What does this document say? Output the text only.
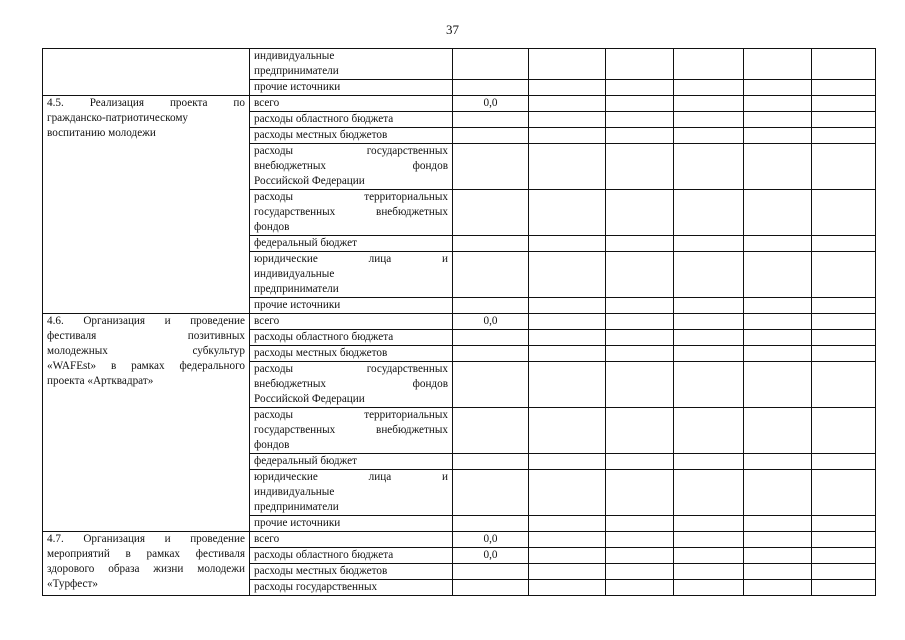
37

	индивидуальные
предприниматели						

	прочие источники						

4.5. Реализация проекта по
гражданско-патриотическому
воспитанию молодежи	всего	0,0					

	расходы областного бюджета						

	расходы местных бюджетов						

	расходы государственных
внебюджетных фондов
Российской Федерации						

	расходы территориальных
государственных внебюджетных
фондов						

	федеральный бюджет						

	юридические лица и
индивидуальные
предприниматели						

	прочие источники						

4.6. Организация и проведение
фестиваля позитивных
молодежных субкультур
«WAFEst» в рамках федерального
проекта «Артквадрат»	всего	0,0					

	расходы областного бюджета						

	расходы местных бюджетов						

	расходы государственных
внебюджетных фондов
Российской Федерации						

	расходы территориальных
государственных внебюджетных
фондов						

	федеральный бюджет						

	юридические лица и
индивидуальные
предприниматели						

	прочие источники						

4.7. Организация и проведение
мероприятий в рамках фестиваля
здорового образа жизни молодежи
«Турфест»	всего	0,0					

	расходы областного бюджета	0,0					

	расходы местных бюджетов						

	расходы государственных						
